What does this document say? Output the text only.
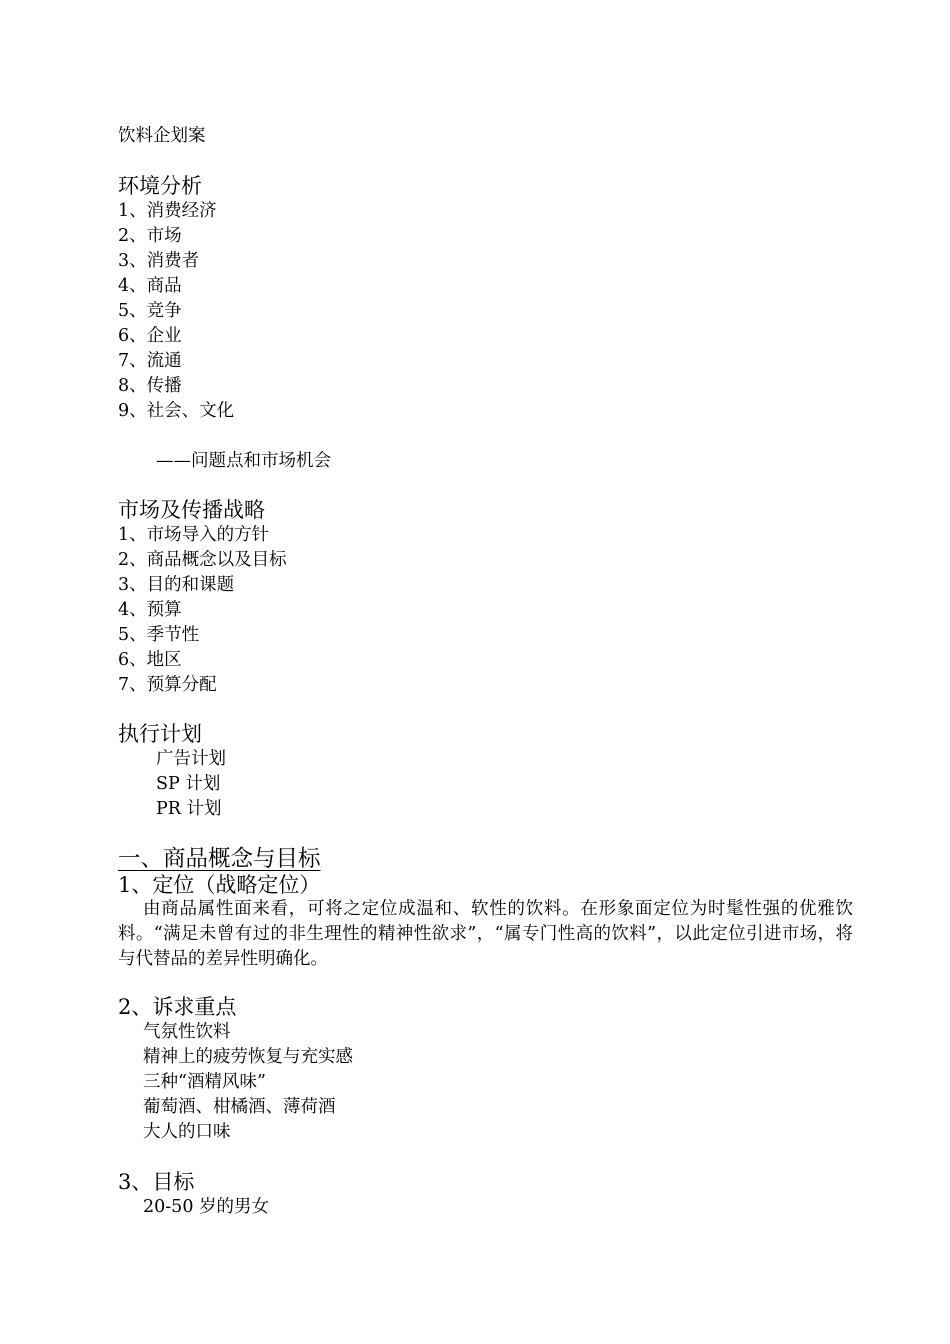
饮料企划案
环境分析
1、消费经济
2、市场
3、消费者
4、商品
5、竞争
6、企业
7、流通
8、传播
9、社会、文化
——问题点和市场机会
市场及传播战略
1、市场导入的方针
2、商品概念以及目标
3、目的和课题
4、预算
5、季节性
6、地区
7、预算分配
执行计划
广告计划
SP 计划
PR 计划
一、商品概念与目标
1、定位（战略定位）
由商品属性面来看，可将之定位成温和、软性的饮料。在形象面定位为时髦性强的优雅饮料。“满足未曾有过的非生理性的精神性欲求”，“属专门性高的饮料”，以此定位引进市场，将与代替品的差异性明确化。
2、诉求重点
气氛性饮料
精神上的疲劳恢复与充实感
三种“酒精风味”
葡萄酒、柑橘酒、薄荷酒
大人的口味
3、目标
20-50 岁的男女
